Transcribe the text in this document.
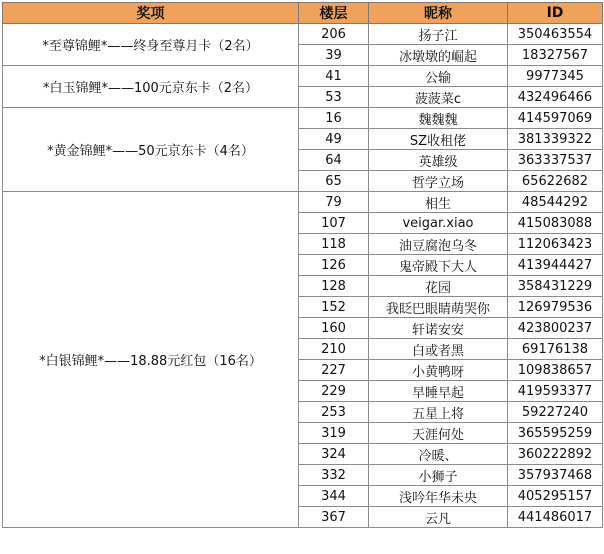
奖项	楼层	昵称	ID
*至尊锦鲤*——终身至尊月卡（2名）	206	扬子江	350463554
	39	冰墩墩的崛起	18327567
*白玉锦鲤*——100元京东卡（2名）	41	公输	9977345
	53	菠菠菜c	432496466
*黄金锦鲤*——50元京东卡（4名）	16	魏魏魏	414597069
	49	SZ收租佬	381339322
	64	英雄级	363337537
	65	哲学立场	65622682
*白银锦鲤*——18.88元红包（16名）	79	相生	48544292
	107	veigar.xiao	415083088
	118	油豆腐泡乌冬	112063423
	126	鬼帝殿下大人	413944427
	128	花园	358431229
	152	我眨巴眼睛萌哭你	126979536
	160	轩诺安安	423800237
	210	白或者黑	69176138
	227	小黄鸭呀	109838657
	229	早睡早起	419593377
	253	五星上将	59227240
	319	天涯何处	365595259
	324	冷暖、	360222892
	332	小狮子	357937468
	344	浅吟年华未央	405295157
	367	云凡	441486017
